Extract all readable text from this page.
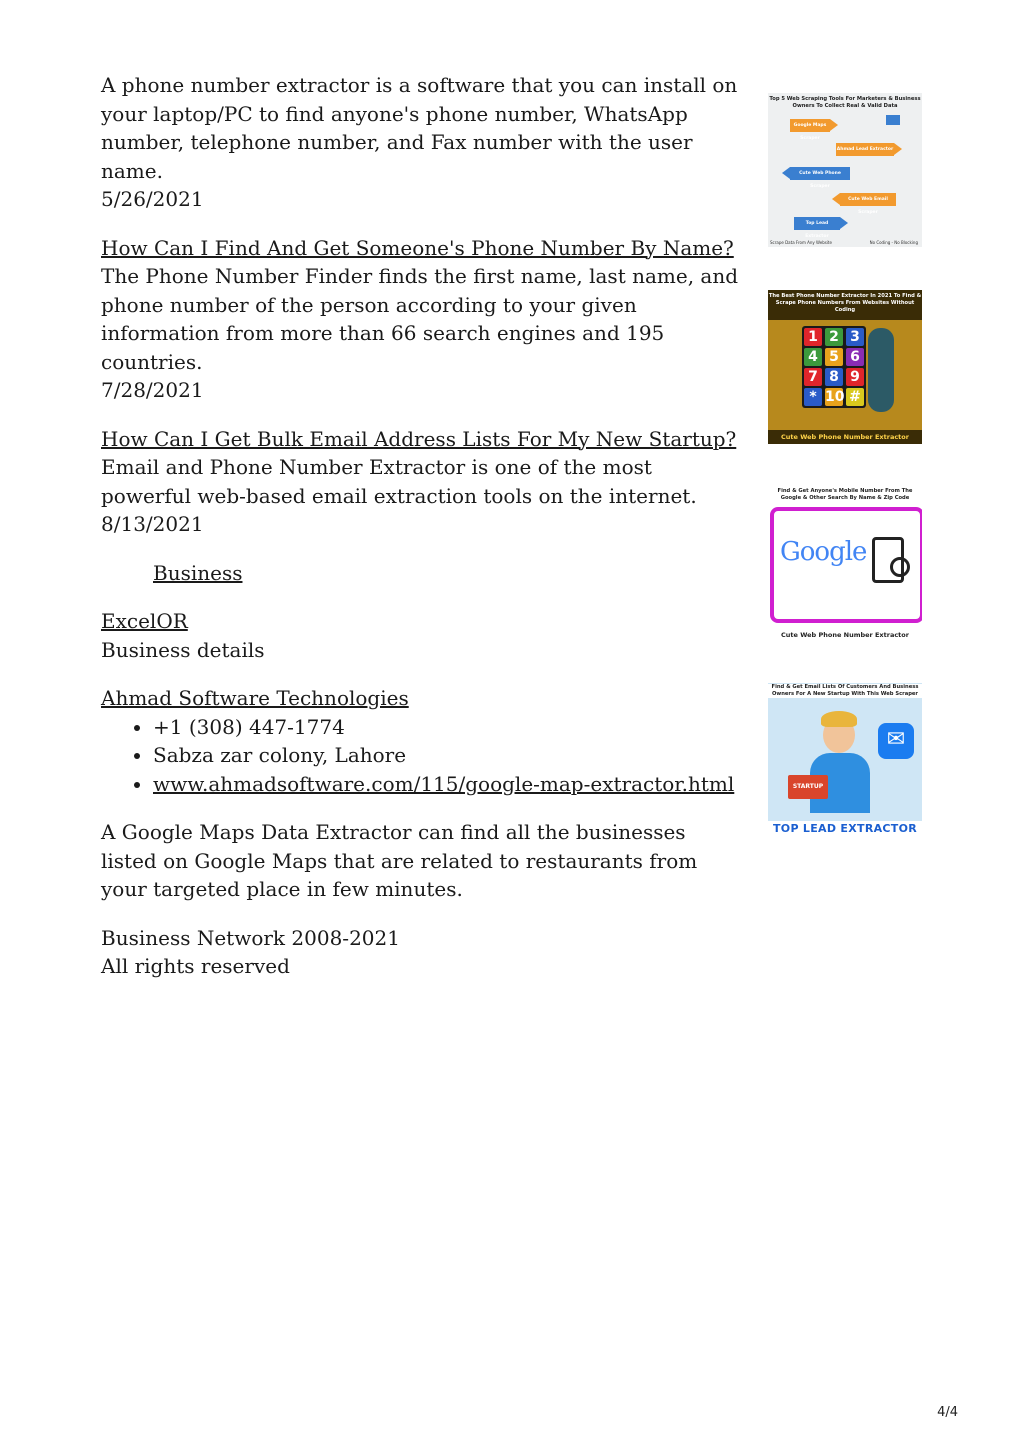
A phone number extractor is a software that you can install on your laptop/PC to find anyone's phone number, WhatsApp number, telephone number, and Fax number with the user name.
5/26/2021

How Can I Find And Get Someone's Phone Number By Name?
The Phone Number Finder finds the first name, last name, and phone number of the person according to your given information from more than 66 search engines and 195 countries.
7/28/2021

How Can I Get Bulk Email Address Lists For My New Startup?
Email and Phone Number Extractor is one of the most powerful web-based email extraction tools on the internet.
8/13/2021

Business

ExcelOR
Business details

Ahmad Software Technologies

• +1 (308) 447-1774
• Sabza zar colony, Lahore
• www.ahmadsoftware.com/115/google-map-extractor.html

A Google Maps Data Extractor can find all the businesses listed on Google Maps that are related to restaurants from your targeted place in few minutes.

Business Network 2008-2021
All rights reserved

Top 5 Web Scraping Tools For Marketers & Business Owners To Collect Real & Valid Data
Google Maps Scraper
Ahmad Lead Extractor
Cute Web Phone Scraper
Cute Web Email Scraper
Top Lead Extractor
Scrape Data From Any Website	No Coding - No Blocking
The Best Phone Number Extractor In 2021 To Find & Scrape Phone Numbers From Websites Without Coding
1 2 3
4 5 6
7 8 9
* 10 #
Cute Web Phone Number Extractor
Find & Get Anyone's Mobile Number From The Google & Other Search By Name & Zip Code
Google
Cute Web Phone Number Extractor
Find & Get Email Lists Of Customers And Business Owners For A New Startup With This Web Scraper
✉
STARTUP
TOP LEAD EXTRACTOR
4/4
